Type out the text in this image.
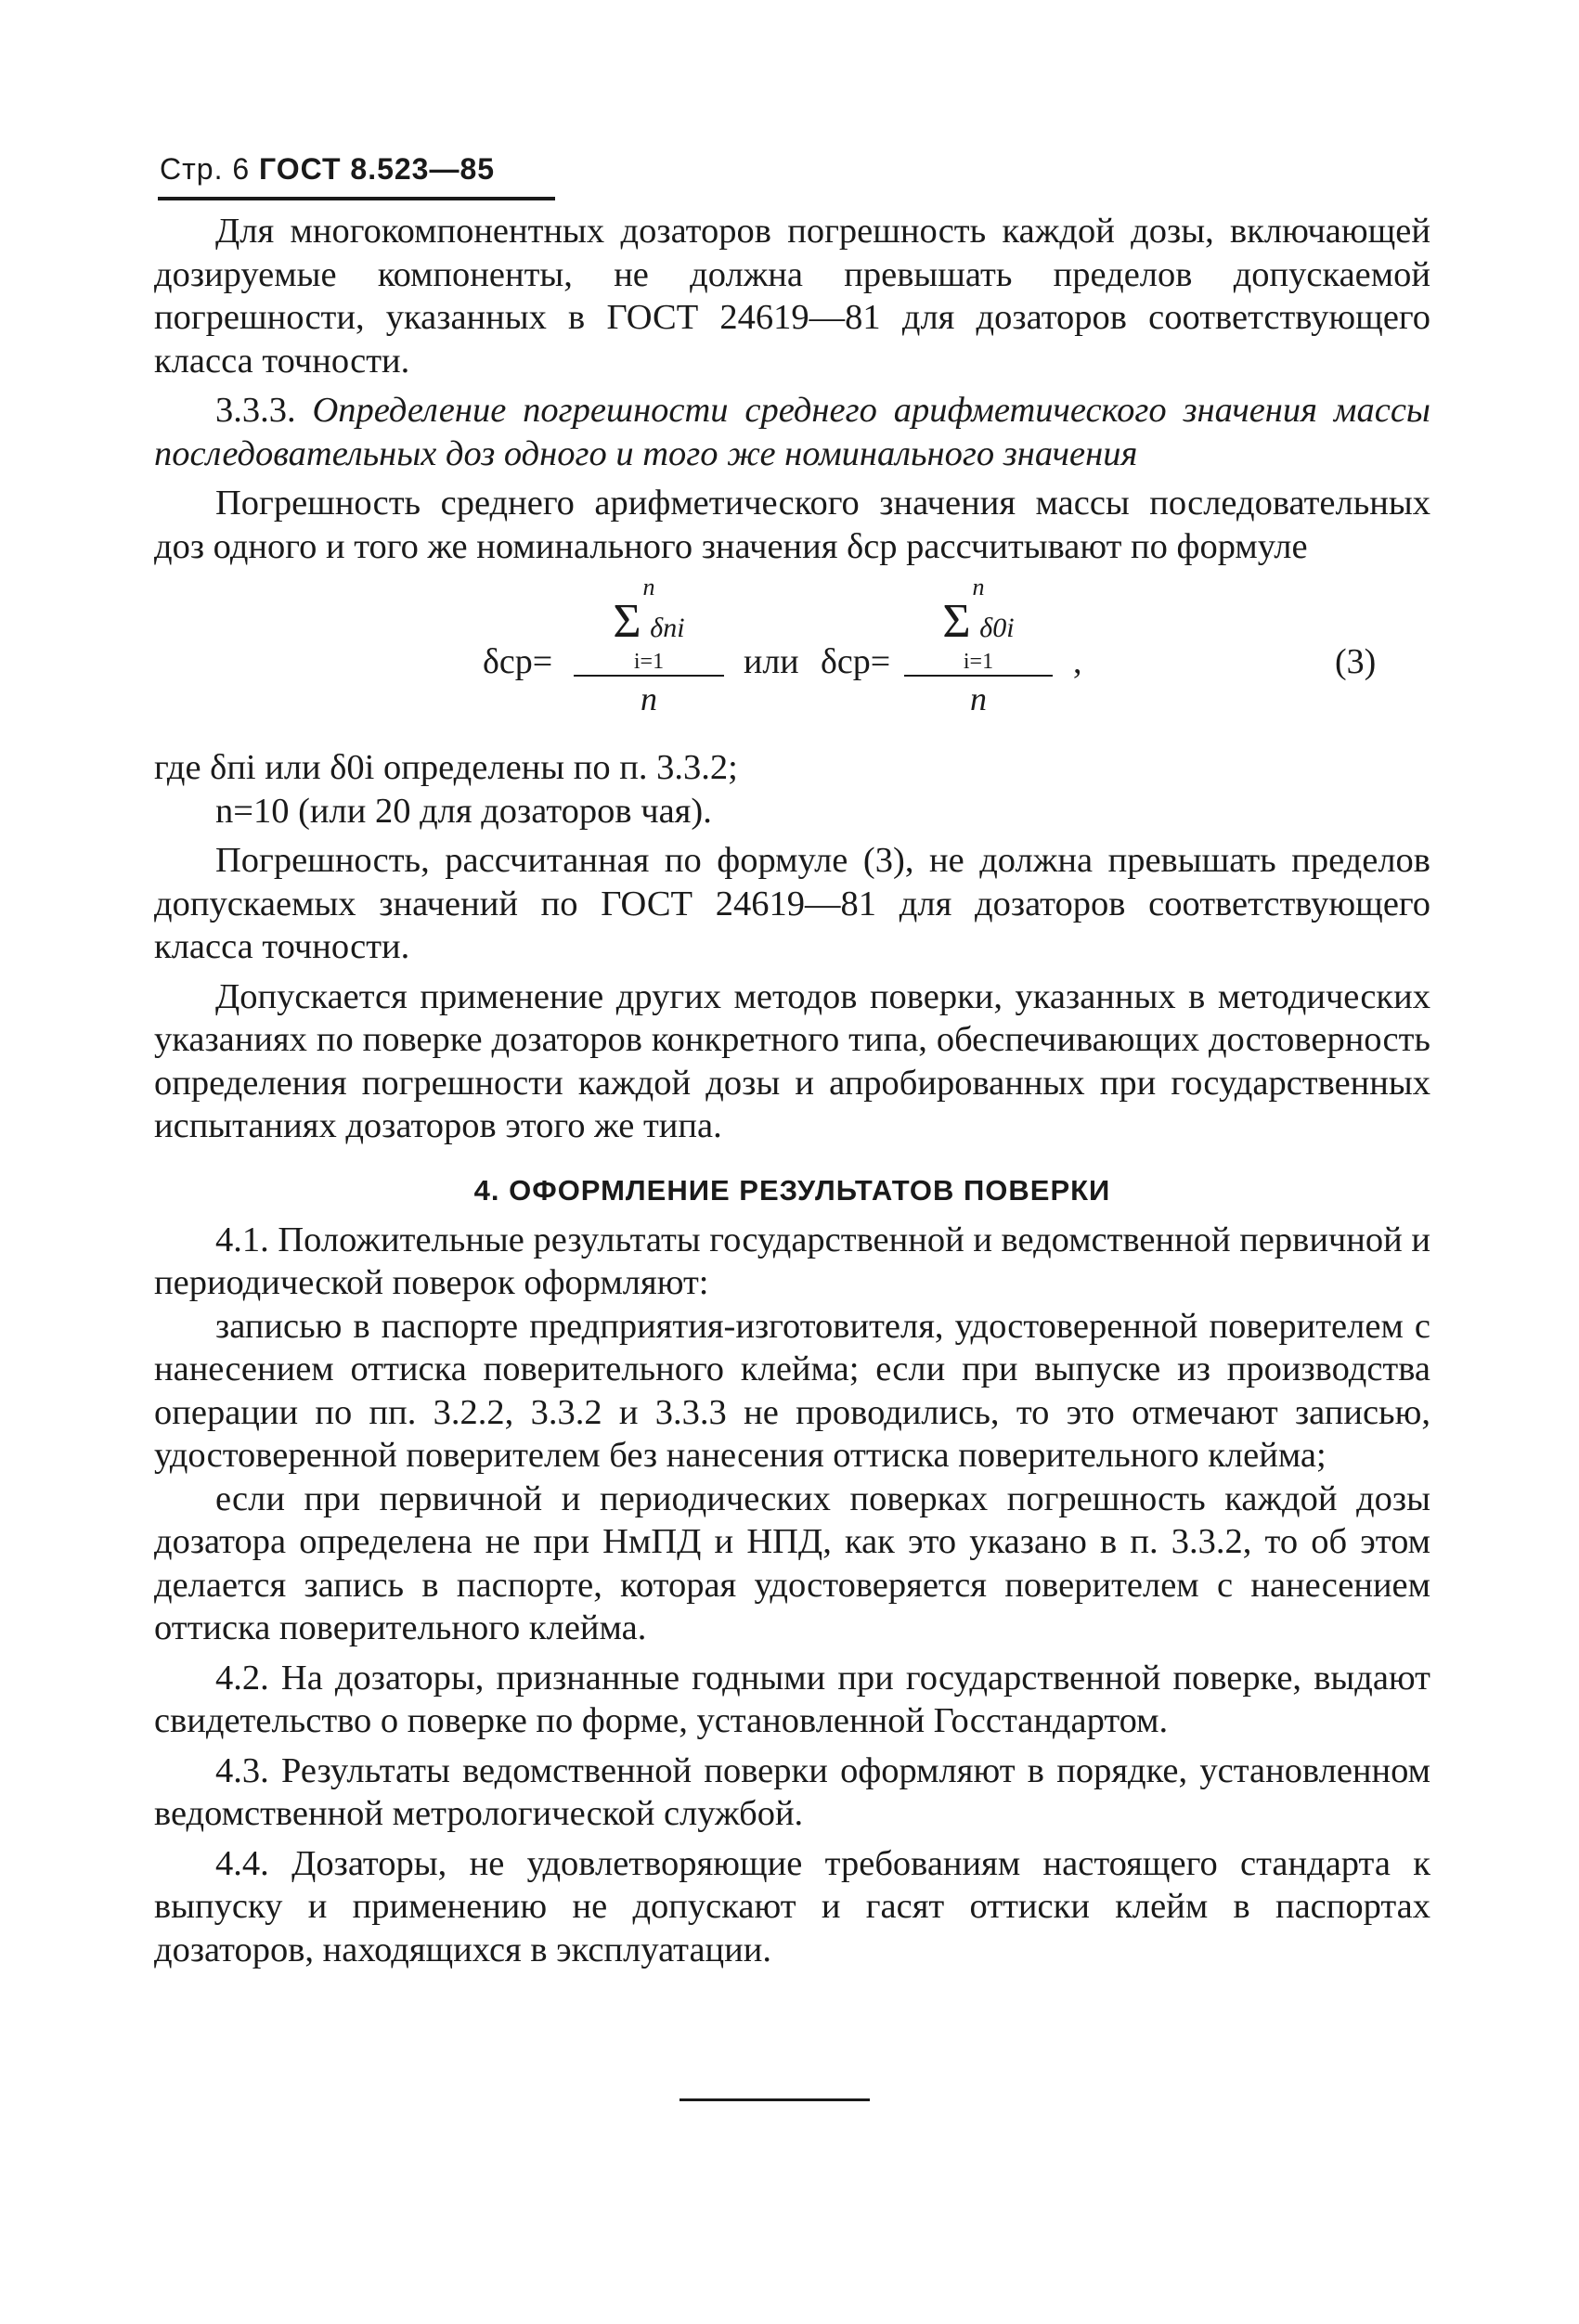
Стр. 6 ГОСТ 8.523—85

Для многокомпонентных дозаторов погрешность каждой дозы, включающей дозируемые компоненты, не должна превышать пределов допускаемой погрешности, указанных в ГОСТ 24619—81 для дозаторов соответствующего класса точности.

3.3.3. Определение погрешности среднего арифметического значения массы последовательных доз одного и того же номинального значения

Погрешность среднего арифметического значения массы последовательных доз одного и того же номинального значения δср рассчитывают по формуле

δср=
n
Σ δпi
i=1
n
или δср=
n
Σ δ0i
i=1
n
,	(3)

где δпi или δ0i определены по п. 3.3.2;

n=10 (или 20 для дозаторов чая).

Погрешность, рассчитанная по формуле (3), не должна превышать пределов допускаемых значений по ГОСТ 24619—81 для дозаторов соответствующего класса точности.

Допускается применение других методов поверки, указанных в методических указаниях по поверке дозаторов конкретного типа, обеспечивающих достоверность определения погрешности каждой дозы и апробированных при государственных испытаниях дозаторов этого же типа.

4. ОФОРМЛЕНИЕ РЕЗУЛЬТАТОВ ПОВЕРКИ

4.1. Положительные результаты государственной и ведомственной первичной и периодической поверок оформляют:

записью в паспорте предприятия-изготовителя, удостоверенной поверителем с нанесением оттиска поверительного клейма; если при выпуске из производства операции по пп. 3.2.2, 3.3.2 и 3.3.3 не проводились, то это отмечают записью, удостоверенной поверителем без нанесения оттиска поверительного клейма;

если при первичной и периодических поверках погрешность каждой дозы дозатора определена не при НмПД и НПД, как это указано в п. 3.3.2, то об этом делается запись в паспорте, которая удостоверяется поверителем с нанесением оттиска поверительного клейма.

4.2. На дозаторы, признанные годными при государственной поверке, выдают свидетельство о поверке по форме, установленной Госстандартом.

4.3. Результаты ведомственной поверки оформляют в порядке, установленном ведомственной метрологической службой.

4.4. Дозаторы, не удовлетворяющие требованиям настоящего стандарта к выпуску и применению не допускают и гасят оттиски клейм в паспортах дозаторов, находящихся в эксплуатации.
